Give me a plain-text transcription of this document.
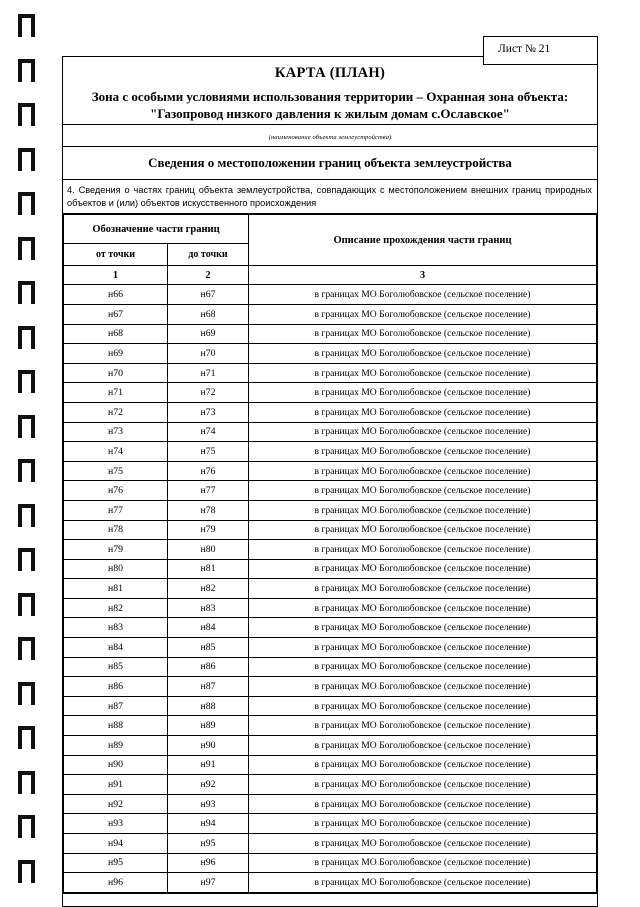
Лист № 21
КАРТА (ПЛАН)
Зона с особыми условиями использования территории – Охранная зона объекта:
"Газопровод низкого давления к жилым домам с.Ославское"
(наименование объекта землеустройства)
Сведения о местоположении границ объекта землеустройства
4. Сведения о частях границ объекта землеустройства, совпадающих с местоположением внешних границ природных объектов и (или) объектов искусственного происхождения
Обозначение части границ		Описание прохождения части границ
от точки	до точки	
1	2	3
н66	н67	в границах МО Боголюбовское (сельское поселение)
н67	н68	в границах МО Боголюбовское (сельское поселение)
н68	н69	в границах МО Боголюбовское (сельское поселение)
н69	н70	в границах МО Боголюбовское (сельское поселение)
н70	н71	в границах МО Боголюбовское (сельское поселение)
н71	н72	в границах МО Боголюбовское (сельское поселение)
н72	н73	в границах МО Боголюбовское (сельское поселение)
н73	н74	в границах МО Боголюбовское (сельское поселение)
н74	н75	в границах МО Боголюбовское (сельское поселение)
н75	н76	в границах МО Боголюбовское (сельское поселение)
н76	н77	в границах МО Боголюбовское (сельское поселение)
н77	н78	в границах МО Боголюбовское (сельское поселение)
н78	н79	в границах МО Боголюбовское (сельское поселение)
н79	н80	в границах МО Боголюбовское (сельское поселение)
н80	н81	в границах МО Боголюбовское (сельское поселение)
н81	н82	в границах МО Боголюбовское (сельское поселение)
н82	н83	в границах МО Боголюбовское (сельское поселение)
н83	н84	в границах МО Боголюбовское (сельское поселение)
н84	н85	в границах МО Боголюбовское (сельское поселение)
н85	н86	в границах МО Боголюбовское (сельское поселение)
н86	н87	в границах МО Боголюбовское (сельское поселение)
н87	н88	в границах МО Боголюбовское (сельское поселение)
н88	н89	в границах МО Боголюбовское (сельское поселение)
н89	н90	в границах МО Боголюбовское (сельское поселение)
н90	н91	в границах МО Боголюбовское (сельское поселение)
н91	н92	в границах МО Боголюбовское (сельское поселение)
н92	н93	в границах МО Боголюбовское (сельское поселение)
н93	н94	в границах МО Боголюбовское (сельское поселение)
н94	н95	в границах МО Боголюбовское (сельское поселение)
н95	н96	в границах МО Боголюбовское (сельское поселение)
н96	н97	в границах МО Боголюбовское (сельское поселение)
